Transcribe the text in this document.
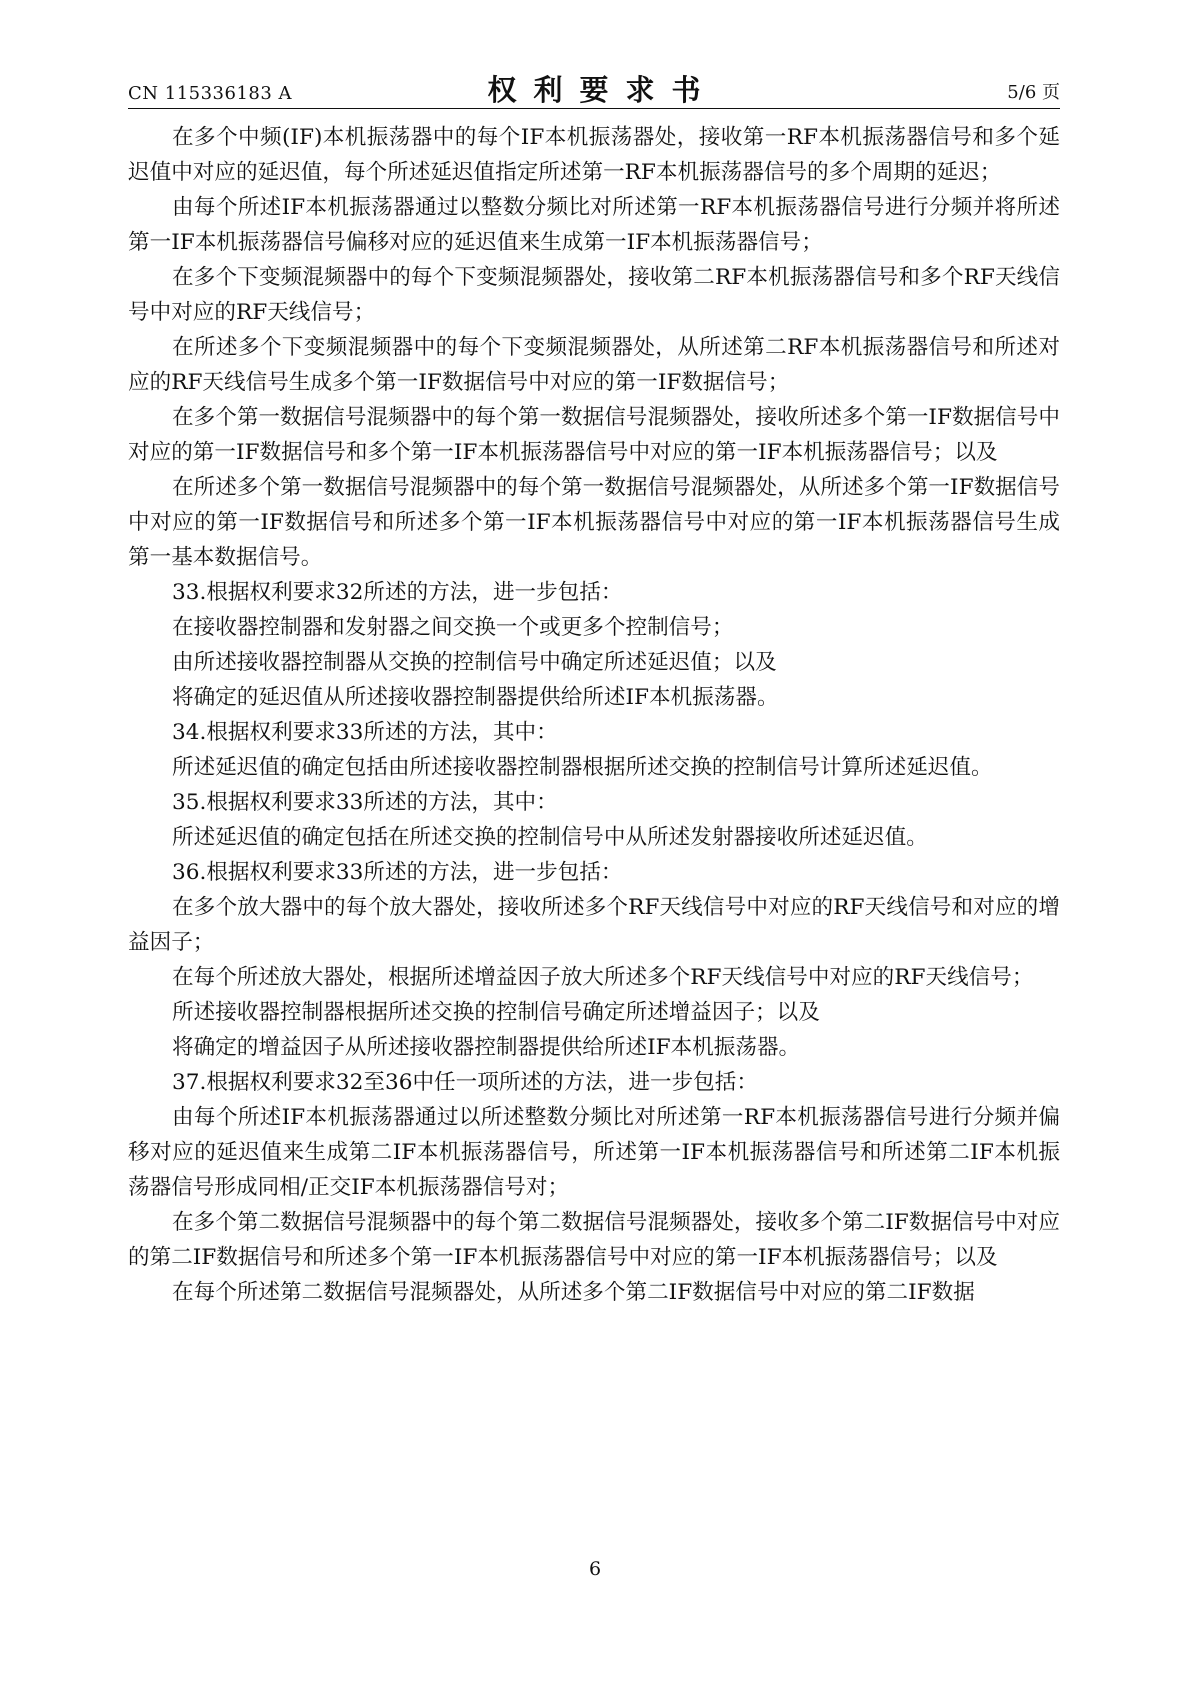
CN 115336183 A	权利要求书	5/6 页

在多个中频(IF)本机振荡器中的每个IF本机振荡器处，接收第一RF本机振荡器信号和多个延迟值中对应的延迟值，每个所述延迟值指定所述第一RF本机振荡器信号的多个周期的延迟；

由每个所述IF本机振荡器通过以整数分频比对所述第一RF本机振荡器信号进行分频并将所述第一IF本机振荡器信号偏移对应的延迟值来生成第一IF本机振荡器信号；

在多个下变频混频器中的每个下变频混频器处，接收第二RF本机振荡器信号和多个RF天线信号中对应的RF天线信号；

在所述多个下变频混频器中的每个下变频混频器处，从所述第二RF本机振荡器信号和所述对应的RF天线信号生成多个第一IF数据信号中对应的第一IF数据信号；

在多个第一数据信号混频器中的每个第一数据信号混频器处，接收所述多个第一IF数据信号中对应的第一IF数据信号和多个第一IF本机振荡器信号中对应的第一IF本机振荡器信号；以及

在所述多个第一数据信号混频器中的每个第一数据信号混频器处，从所述多个第一IF数据信号中对应的第一IF数据信号和所述多个第一IF本机振荡器信号中对应的第一IF本机振荡器信号生成第一基本数据信号。

33.根据权利要求32所述的方法，进一步包括：

在接收器控制器和发射器之间交换一个或更多个控制信号；

由所述接收器控制器从交换的控制信号中确定所述延迟值；以及

将确定的延迟值从所述接收器控制器提供给所述IF本机振荡器。

34.根据权利要求33所述的方法，其中：

所述延迟值的确定包括由所述接收器控制器根据所述交换的控制信号计算所述延迟值。

35.根据权利要求33所述的方法，其中：

所述延迟值的确定包括在所述交换的控制信号中从所述发射器接收所述延迟值。

36.根据权利要求33所述的方法，进一步包括：

在多个放大器中的每个放大器处，接收所述多个RF天线信号中对应的RF天线信号和对应的增益因子；

在每个所述放大器处，根据所述增益因子放大所述多个RF天线信号中对应的RF天线信号；

所述接收器控制器根据所述交换的控制信号确定所述增益因子；以及

将确定的增益因子从所述接收器控制器提供给所述IF本机振荡器。

37.根据权利要求32至36中任一项所述的方法，进一步包括：

由每个所述IF本机振荡器通过以所述整数分频比对所述第一RF本机振荡器信号进行分频并偏移对应的延迟值来生成第二IF本机振荡器信号，所述第一IF本机振荡器信号和所述第二IF本机振荡器信号形成同相/正交IF本机振荡器信号对；

在多个第二数据信号混频器中的每个第二数据信号混频器处，接收多个第二IF数据信号中对应的第二IF数据信号和所述多个第一IF本机振荡器信号中对应的第一IF本机振荡器信号；以及

在每个所述第二数据信号混频器处，从所述多个第二IF数据信号中对应的第二IF数据

6
